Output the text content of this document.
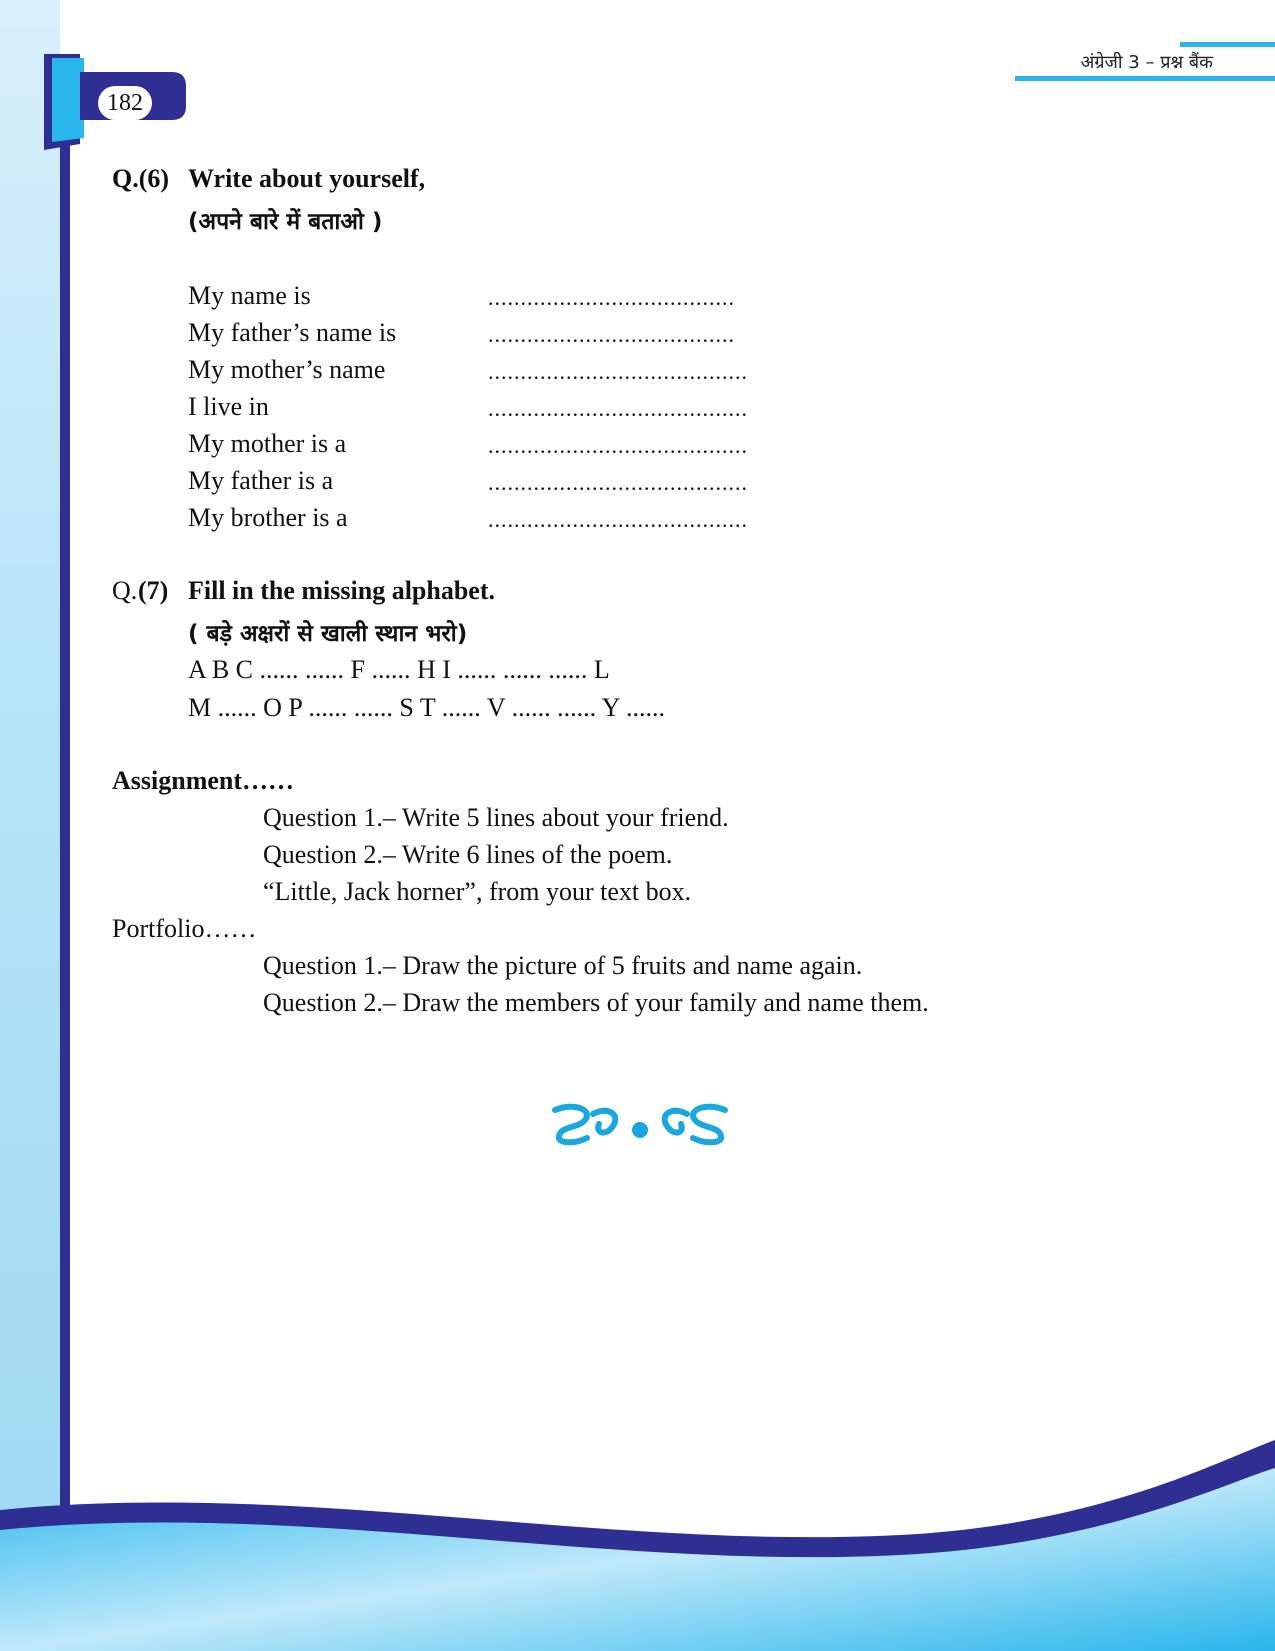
182
अंग्रेजी 3 – प्रश्न बैंक
Q.(6) Write about yourself,
(अपने बारे में बताओ )
My name is	......................................
My father’s name is	......................................
My mother’s name	........................................
I live in	........................................
My mother is a	........................................
My father is a	........................................
My brother is a	........................................
Q. (7) Fill in the missing alphabet.
( बड़े अक्षरों से खाली स्थान भरो)
A B C ...... ...... F ...... H I ...... ...... ...... L
M ...... O P ...... ...... S T ...... V ...... ...... Y ......
Assignment……
Question 1.– Write 5 lines about your friend.
Question 2.– Write 6 lines of the poem.
“Little, Jack horner”, from your text box.
Portfolio……
Question 1.– Draw the picture of 5 fruits and name again.
Question 2.– Draw the members of your family and name them.
